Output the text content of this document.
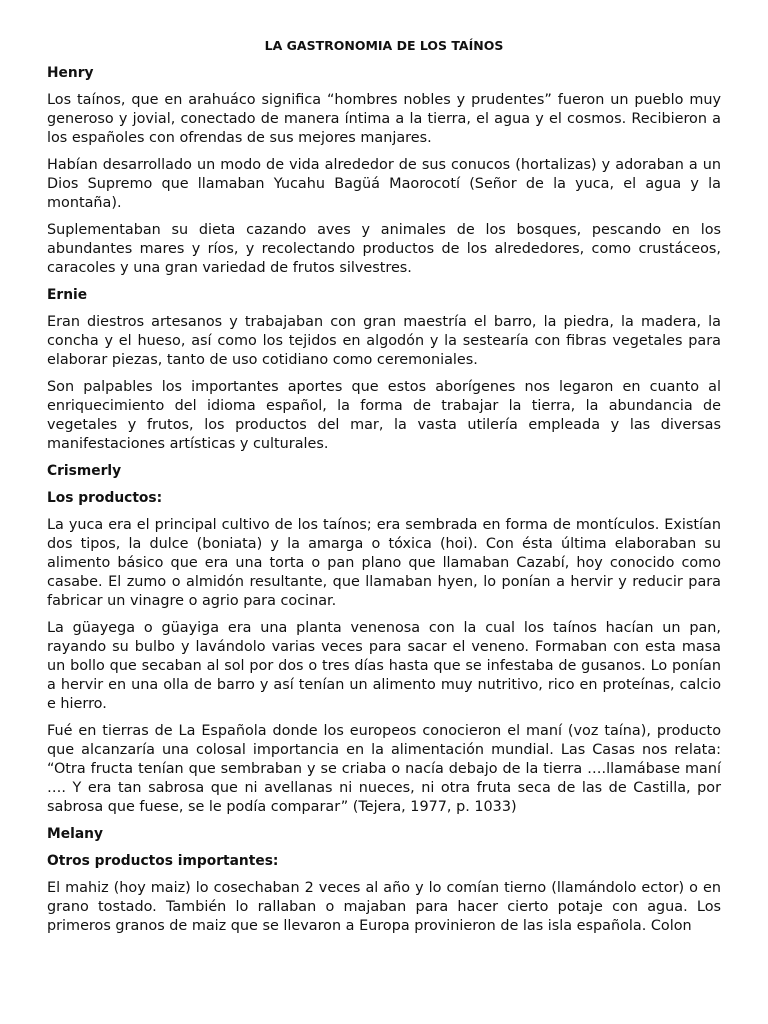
LA GASTRONOMIA DE LOS TAÍNOS
Henry

Los taínos, que en arahuáco significa “hombres nobles y prudentes” fueron un pueblo muy generoso y jovial, conectado de manera íntima a la tierra, el agua y el cosmos. Recibieron a los españoles con ofrendas de sus mejores manjares.

Habían desarrollado un modo de vida alrededor de sus conucos (hortalizas) y adoraban a un Dios Supremo que llamaban Yucahu Bagüá Maorocotí (Señor de la yuca, el agua y la montaña).

Suplementaban su dieta cazando aves y animales de los bosques, pescando en los abundantes mares y ríos, y recolectando productos de los alrededores, como crustáceos, caracoles y una gran variedad de frutos silvestres.

Ernie

Eran diestros artesanos y trabajaban con gran maestría el barro, la piedra, la madera, la concha y el hueso, así como los tejidos en algodón y la sestearía con fibras vegetales para elaborar piezas, tanto de uso cotidiano como ceremoniales.

Son palpables los importantes aportes que estos aborígenes nos legaron en cuanto al enriquecimiento del idioma español, la forma de trabajar la tierra, la abundancia de vegetales y frutos, los productos del mar, la vasta utilería empleada y las diversas manifestaciones artísticas y culturales.

Crismerly
Los productos:

La yuca era el principal cultivo de los taínos; era sembrada en forma de montículos. Existían dos tipos, la dulce (boniata) y la amarga o tóxica (hoi). Con ésta última elaboraban su alimento básico que era una torta o pan plano que llamaban Cazabí, hoy conocido como casabe. El zumo o almidón resultante, que llamaban hyen, lo ponían a hervir y reducir para fabricar un vinagre o agrio para cocinar.

La güayega o güayiga era una planta venenosa con la cual los taínos hacían un pan, rayando su bulbo y lavándolo varias veces para sacar el veneno. Formaban con esta masa un bollo que secaban al sol por dos o tres días hasta que se infestaba de gusanos. Lo ponían a hervir en una olla de barro y así tenían un alimento muy nutritivo, rico en proteínas, calcio e hierro.

Fué en tierras de La Española donde los europeos conocieron el maní (voz taína), producto que alcanzaría una colosal importancia en la alimentación mundial. Las Casas nos relata: “Otra fructa tenían que sembraban y se criaba o nacía debajo de la tierra ….llamábase maní …. Y era tan sabrosa que ni avellanas ni nueces, ni otra fruta seca de las de Castilla, por sabrosa que fuese, se le podía comparar” (Tejera, 1977, p. 1033)

Melany
Otros productos importantes:

El mahiz (hoy maiz) lo cosechaban 2 veces al año y lo comían tierno (llamándolo ector) o en grano tostado. También lo rallaban o majaban para hacer cierto potaje con agua. Los primeros granos de maiz que se llevaron a Europa provinieron de las isla española. Colon
